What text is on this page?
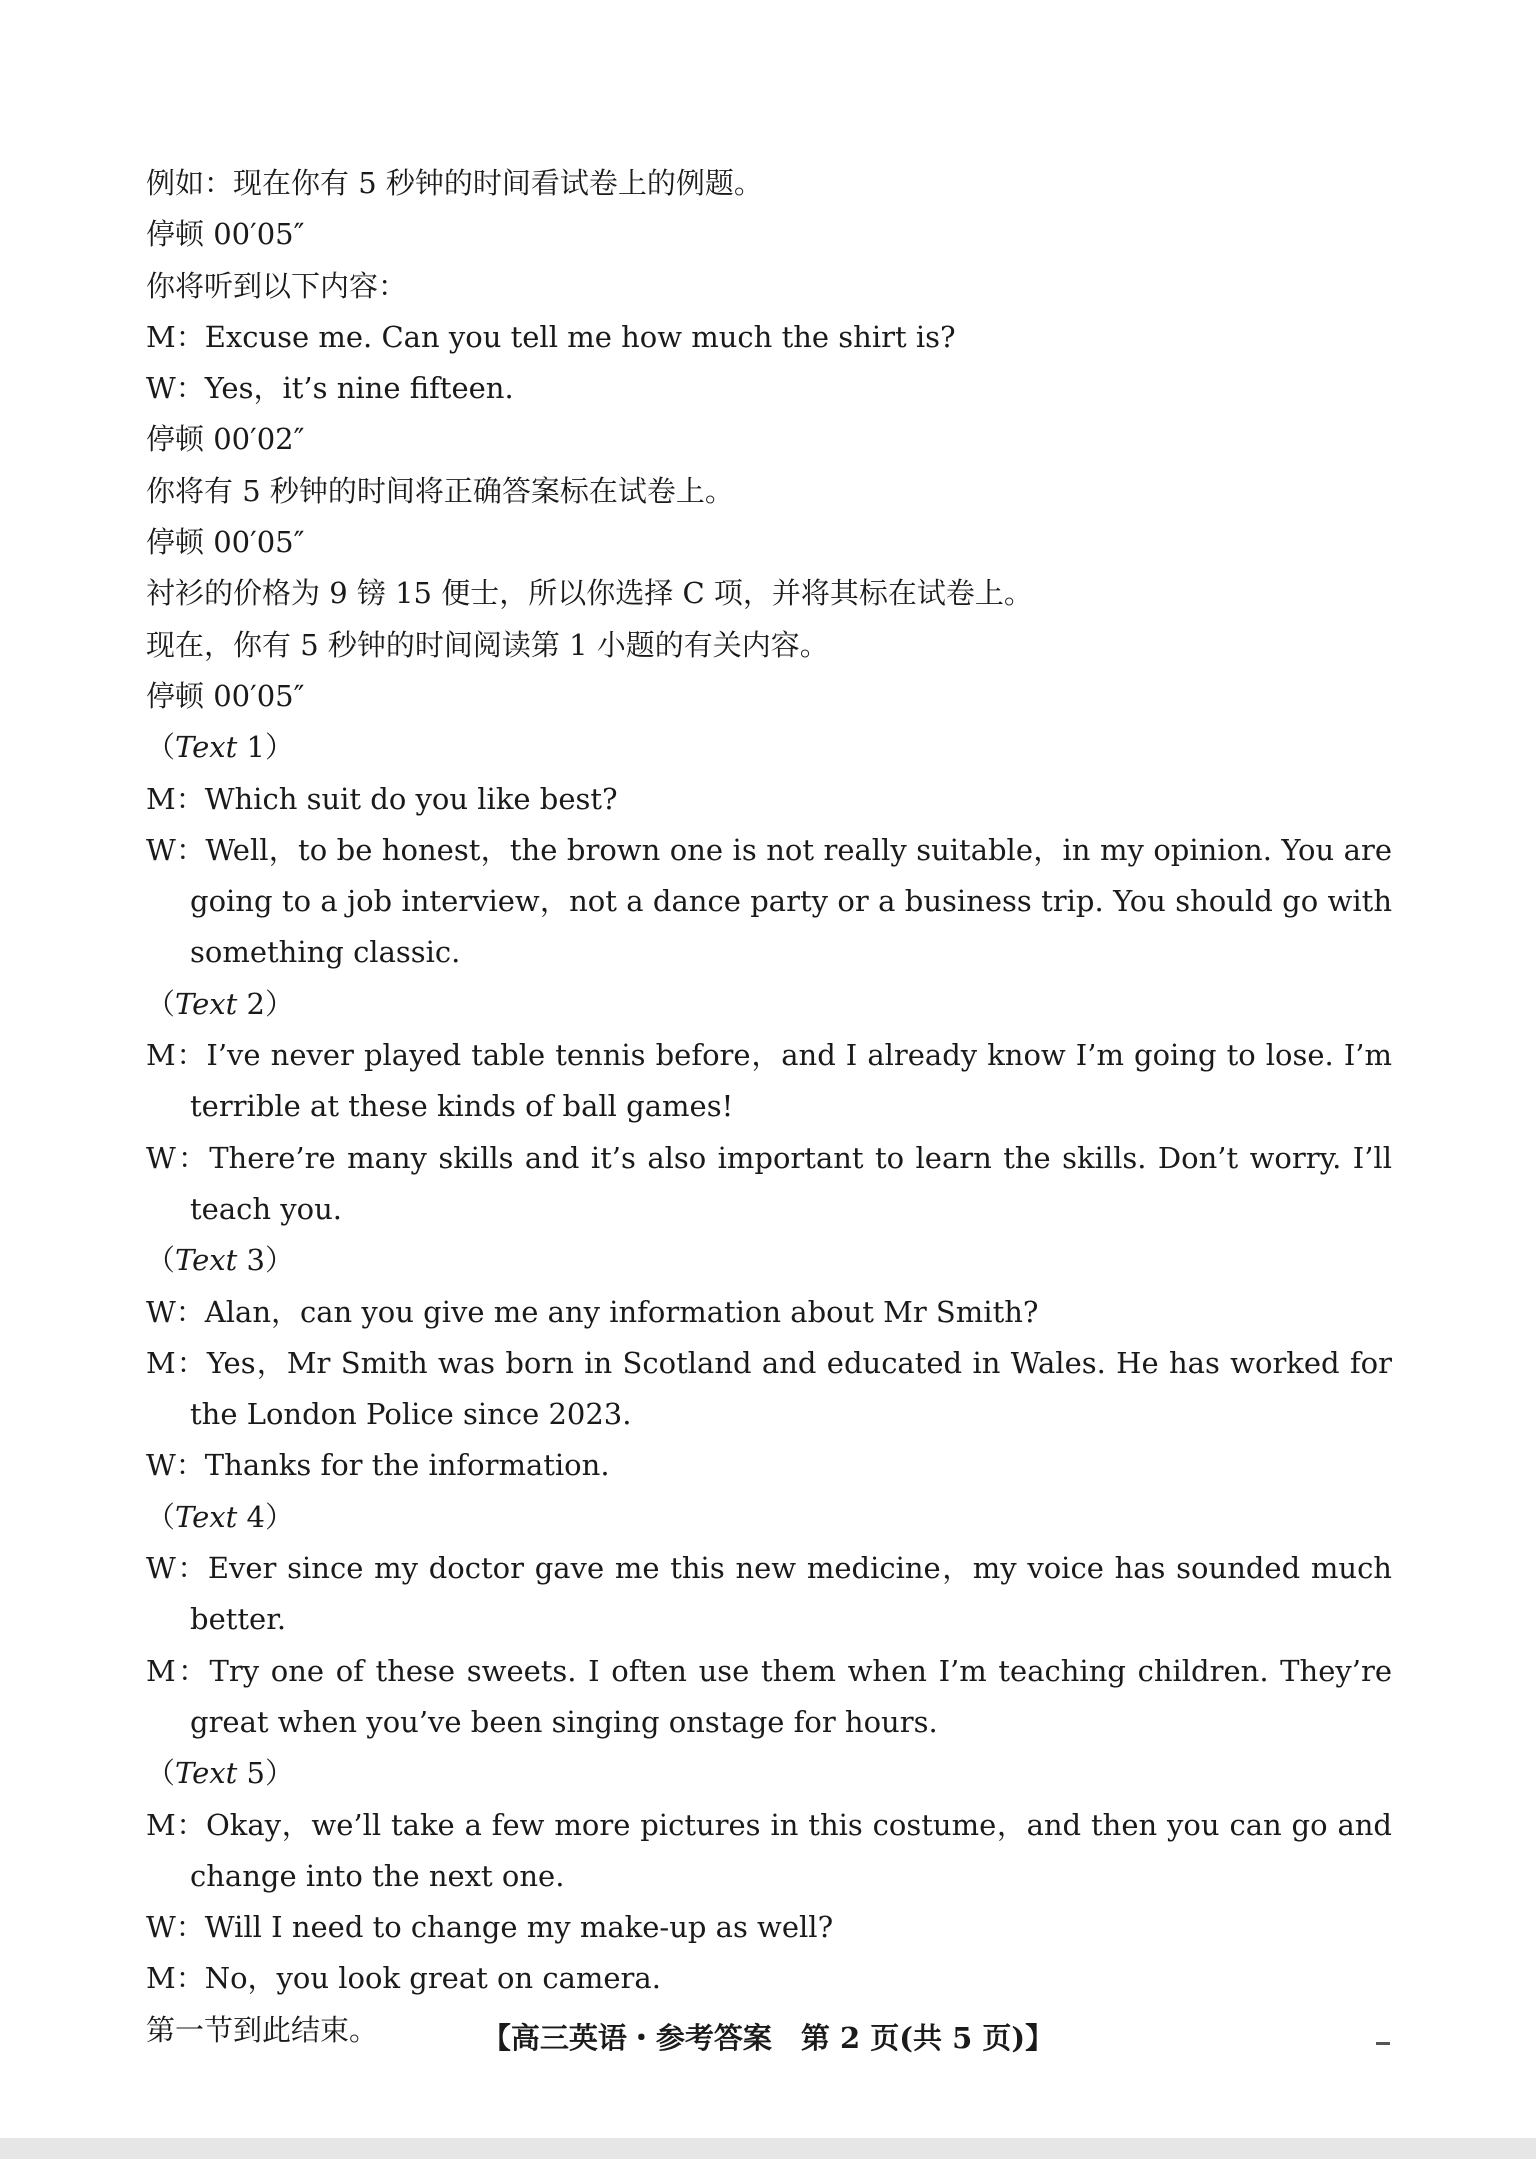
例如：现在你有 5 秒钟的时间看试卷上的例题。
停顿 00′05″
你将听到以下内容：
M：Excuse me. Can you tell me how much the shirt is?
W：Yes，it’s nine fifteen.
停顿 00′02″
你将有 5 秒钟的时间将正确答案标在试卷上。
停顿 00′05″
衬衫的价格为 9 镑 15 便士，所以你选择 C 项，并将其标在试卷上。
现在，你有 5 秒钟的时间阅读第 1 小题的有关内容。
停顿 00′05″
（Text 1）
M：Which suit do you like best?
W：Well，to be honest，the brown one is not really suitable，in my opinion. You are going to a job interview，not a dance party or a business trip. You should go with something classic.
（Text 2）
M：I’ve never played table tennis before，and I already know I’m going to lose. I’m terrible at these kinds of ball games!
W：There’re many skills and it’s also important to learn the skills. Don’t worry. I’ll teach you.
（Text 3）
W：Alan，can you give me any information about Mr Smith?
M：Yes，Mr Smith was born in Scotland and educated in Wales. He has worked for the London Police since 2023.
W：Thanks for the information.
（Text 4）
W：Ever since my doctor gave me this new medicine，my voice has sounded much better.
M：Try one of these sweets. I often use them when I’m teaching children. They’re great when you’ve been singing onstage for hours.
（Text 5）
M：Okay，we’ll take a few more pictures in this costume，and then you can go and change into the next one.
W：Will I need to change my make-up as well?
M：No，you look great on camera.
第一节到此结束。	【高三英语・参考答案　第 2 页(共 5 页)】
